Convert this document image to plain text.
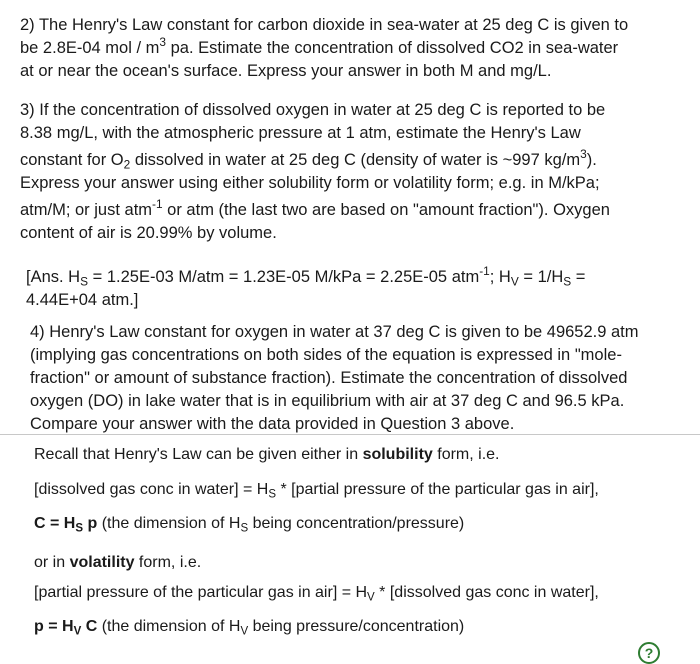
2) The Henry's Law constant for carbon dioxide in sea-water at 25 deg C is given to
be 2.8E-04 mol / $m^3$ pa. Estimate the concentration of dissolved CO2 in sea-water
at or near the ocean's surface. Express your answer in both M and mg/L.
3) If the concentration of dissolved oxygen in water at 25 deg C is reported to be
8.38 mg/L, with the atmospheric pressure at 1 atm, estimate the Henry's Law
constant for $O_2$ dissolved in water at 25 deg C (density of water is ~997 $kg/m^3$).
Express your answer using either solubility form or volatility form; e.g. in M/kPa;
atm/M; or just atm$^{-1}$ or atm (the last two are based on "amount fraction"). Oxygen
content of air is 20.99% by volume.
[Ans. $H_S = 1.25E-03$ M/atm = 1.23E-05 M/kPa = 2.25E-05 atm$^{-1}$; $H_V = 1/H_S$ =
4.44E+04 atm.]
4) Henry's Law constant for oxygen in water at 37 deg C is given to be 49652.9 atm
(implying gas concentrations on both sides of the equation is expressed in "mole-
fraction" or amount of substance fraction). Estimate the concentration of dissolved
oxygen (DO) in lake water that is in equilibrium with air at 37 deg C and 96.5 kPa.
Compare your answer with the data provided in Question 3 above.

Recall that Henry's Law can be given either in solubility form, i.e.

[dissolved gas conc in water] = $H_S$ * [partial pressure of the particular gas in air],

$C = H_S$ p (the dimension of $H_S$ being concentration/pressure)

or in volatility form, i.e.

[partial pressure of the particular gas in $air] = H_V$ * [dissolved gas conc in water],

$p = H_V$ C (the dimension of $H_V$ being pressure/concentration)

?
